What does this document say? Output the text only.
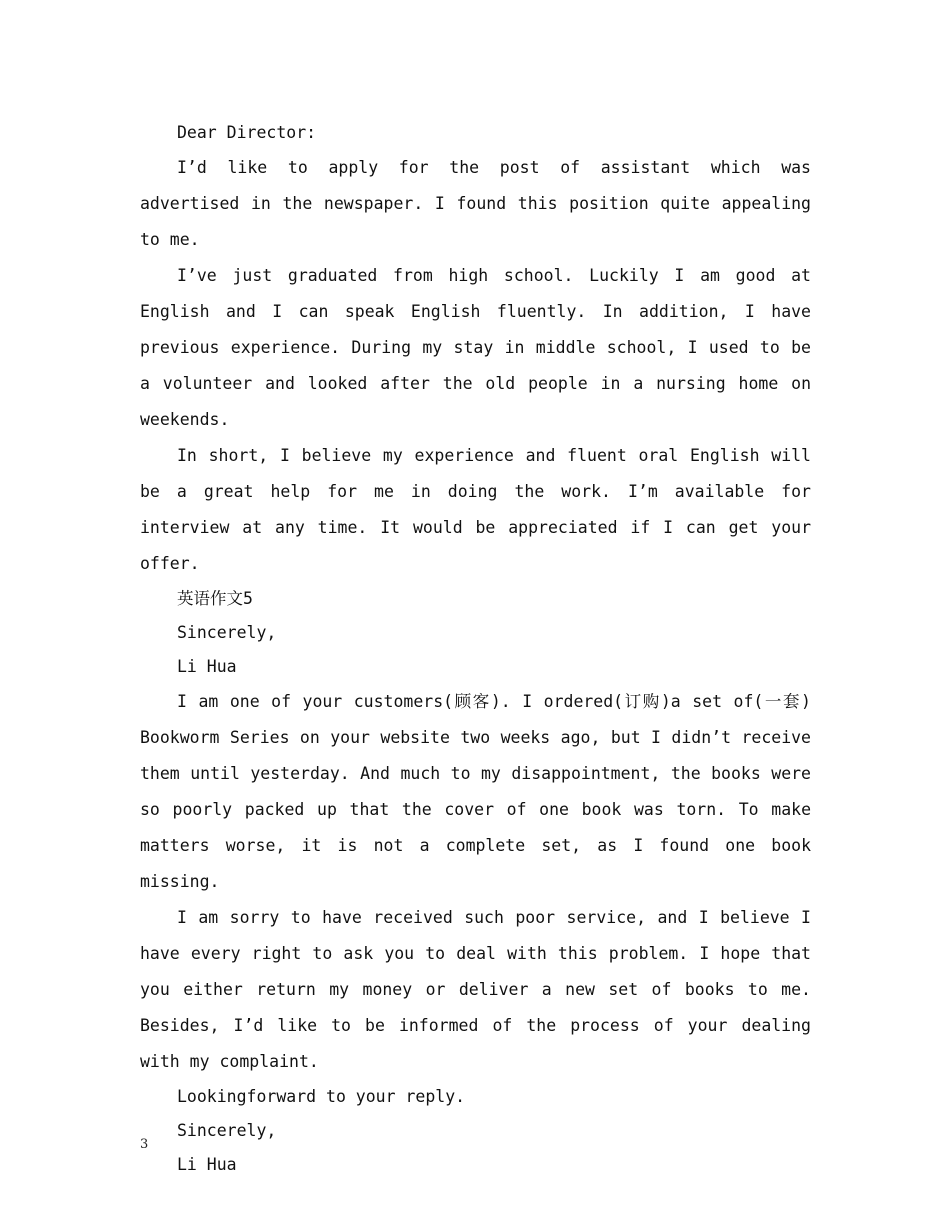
Dear Director:

I’d like to apply for the post of assistant which was advertised in the newspaper. I found this position quite appealing to me.

I’ve just graduated from high school. Luckily I am good at English and I can speak English fluently. In addition, I have previous experience. During my stay in middle school, I used to be a volunteer and looked after the old people in a nursing home on weekends.

In short, I believe my experience and fluent oral English will be a great help for me in doing the work. I’m available for interview at any time. It would be appreciated if I can get your offer.

英语作文5

Sincerely,

Li Hua

I am one of your customers(顾客). I ordered(订购)a set of(一套) Bookworm Series on your website two weeks ago, but I didn’t receive them until yesterday. And much to my disappointment, the books were so poorly packed up that the cover of one book was torn. To make matters worse, it is not a complete set, as I found one book missing.

I am sorry to have received such poor service, and I believe I have every right to ask you to deal with this problem. I hope that you either return my money or deliver a new set of books to me. Besides, I’d like to be informed of the process of your dealing with my complaint.

Lookingforward to your reply.

Sincerely,

Li Hua

3
